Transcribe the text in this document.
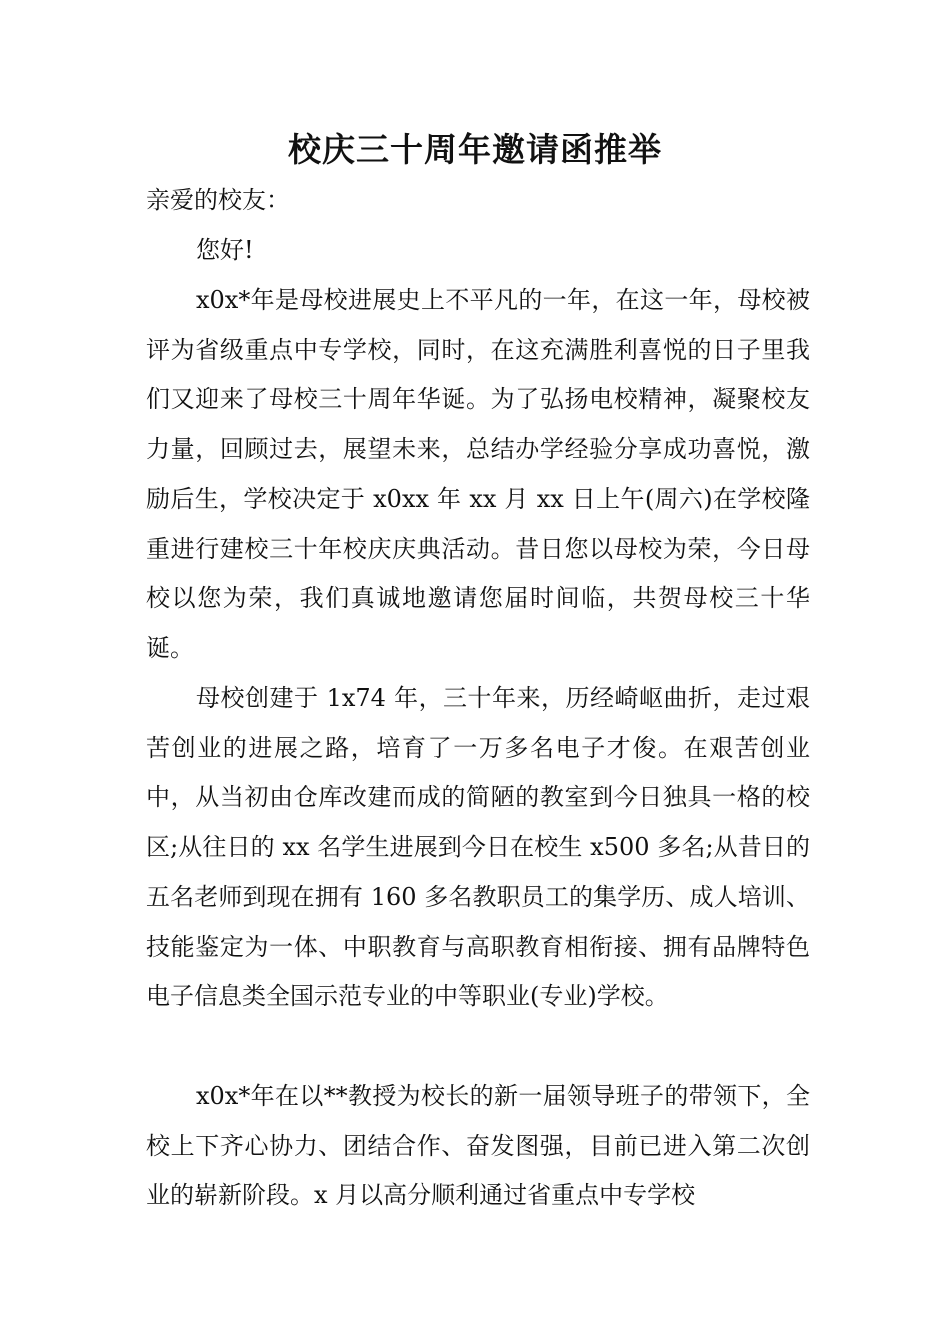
校庆三十周年邀请函推举

亲爱的校友：

您好!

x0x*年是母校进展史上不平凡的一年，在这一年，母校被评为省级重点中专学校，同时，在这充满胜利喜悦的日子里我们又迎来了母校三十周年华诞。为了弘扬电校精神，凝聚校友力量，回顾过去，展望未来，总结办学经验分享成功喜悦，激励后生，学校决定于 x0xx 年 xx 月 xx 日上午(周六)在学校隆重进行建校三十年校庆庆典活动。昔日您以母校为荣，今日母校以您为荣，我们真诚地邀请您届时间临，共贺母校三十华诞。

母校创建于 1x74 年，三十年来，历经崎岖曲折，走过艰苦创业的进展之路，培育了一万多名电子才俊。在艰苦创业中，从当初由仓库改建而成的简陋的教室到今日独具一格的校区;从往日的 xx 名学生进展到今日在校生 x500 多名;从昔日的五名老师到现在拥有 160 多名教职员工的集学历、成人培训、技能鉴定为一体、中职教育与高职教育相衔接、拥有品牌特色电子信息类全国示范专业的中等职业(专业)学校。

x0x*年在以**教授为校长的新一届领导班子的带领下，全校上下齐心协力、团结合作、奋发图强，目前已进入第二次创业的崭新阶段。x 月以高分顺利通过省重点中专学校
